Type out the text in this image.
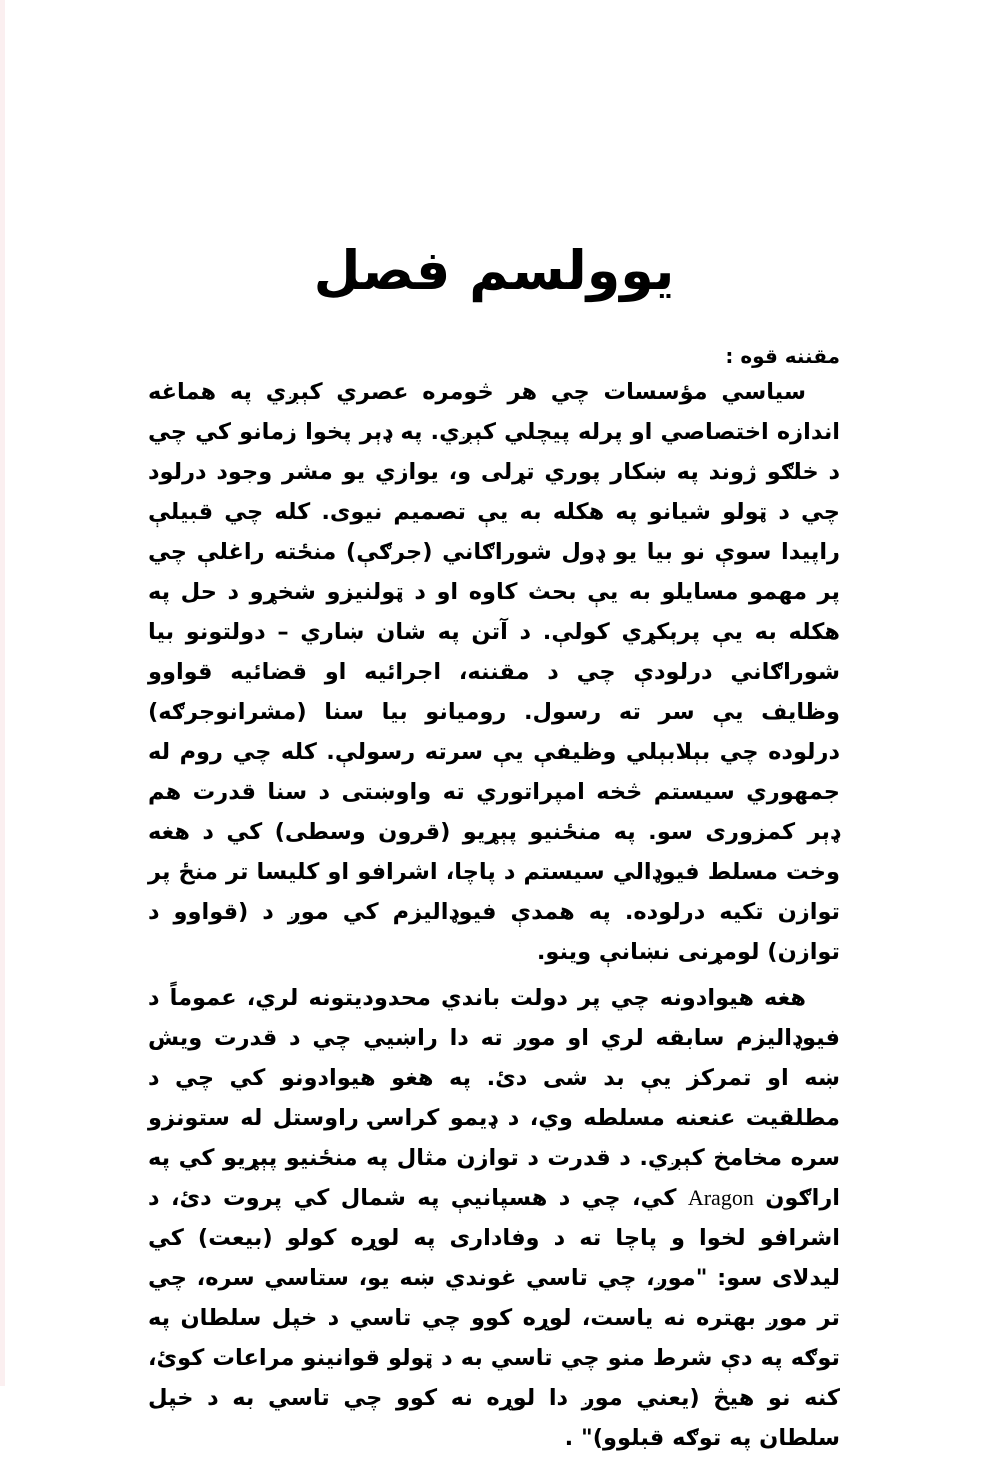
یوولسم فصل
مقننه قوه :

سیاسي مؤسسات چي هر څومره عصري کېږي په هماغه اندازه اختصاصي او پرله پیچلي کېږي. په ډېر پخوا زمانو کي چي د خلګو ژوند په ښکار پوري تړلی و، یوازي یو مشر وجود درلود چي د ټولو شیانو په هکله به یې تصمیم نیوی. کله چي قبیلې راپیدا سوې نو بیا یو ډول شوراګاني (جرګې) منځته راغلې چي پر مهمو مسایلو به یې بحث کاوه او د ټولنیزو شخړو د حل په هکله به یې پرېکړي کولې. د آتن په شان ښاري – دولتونو بیا شوراګاني درلودې چي د مقننه، اجرائیه او قضائیه قواوو وظایف یې سر ته رسول. رومیانو بیا سنا (مشرانوجرګه) درلوده چي بېلابېلي وظیفې یې سرته رسولې. کله چي روم له جمهوري سیستم څخه امپراتوري ته واوښتی د سنا قدرت هم ډېر کمزوری سو. په منځنیو پېړیو (قرون وسطی) کي د هغه وخت مسلط فیوډالي سیستم د پاچا، اشرافو او کلیسا تر منځ پر توازن تکیه درلوده. په همدې فیوډالیزم کي موږ د (قواوو د توازن) لومړنی نښانې وینو.

هغه هیوادونه چي پر دولت باندي محدودیتونه لري، عموماً د فیوډالیزم سابقه لري او موږ ته دا راښیي چي د قدرت ویش ښه او تمرکز یې بد شی دئ. په هغو هیوادونو کي چي د مطلقیت عنعنه مسلطه وي، د ډیمو کراسۍ راوستل له ستونزو سره مخامخ کېږي. د قدرت د توازن مثال په منځنیو پېړیو کي په اراګون Aragon کي، چي د هسپانیې په شمال کي پروت دئ، د اشرافو لخوا و پاچا ته د وفاداری په لوړه کولو (بیعت) کي لیدلای سو: "موږ، چي تاسي غوندي ښه یو، ستاسي سره، چي تر موږ بهتره نه یاست، لوړه کوو چي تاسي د خپل سلطان په توګه په دې شرط منو چي تاسي به د ټولو قوانینو مراعات کوئ، کنه نو هیڅ (یعني موږ دا لوړه نه کوو چي تاسي به د خپل سلطان په توګه قبلوو)" .
